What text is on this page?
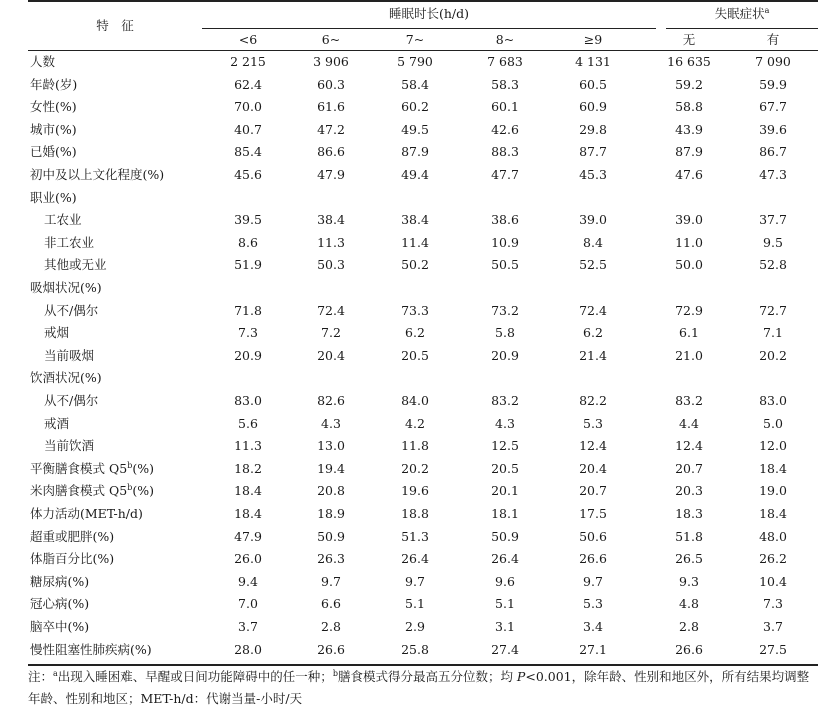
特　征
睡眠时长(h/d)	失眠症状$^a$
<6	6~	7~	8~	≥9	无	有
人数	2 215	3 906	5 790	7 683	4 131	16 635	7 090
年龄(岁)	62.4	60.3	58.4	58.3	60.5	59.2	59.9
女性(%)	70.0	61.6	60.2	60.1	60.9	58.8	67.7
城市(%)	40.7	47.2	49.5	42.6	29.8	43.9	39.6
已婚(%)	85.4	86.6	87.9	88.3	87.7	87.9	86.7
初中及以上文化程度(%)	45.6	47.9	49.4	47.7	45.3	47.6	47.3
职业(%)
工农业	39.5	38.4	38.4	38.6	39.0	39.0	37.7
非工农业	8.6	11.3	11.4	10.9	8.4	11.0	9.5
其他或无业	51.9	50.3	50.2	50.5	52.5	50.0	52.8
吸烟状况(%)
从不/偶尔	71.8	72.4	73.3	73.2	72.4	72.9	72.7
戒烟	7.3	7.2	6.2	5.8	6.2	6.1	7.1
当前吸烟	20.9	20.4	20.5	20.9	21.4	21.0	20.2
饮酒状况(%)
从不/偶尔	83.0	82.6	84.0	83.2	82.2	83.2	83.0
戒酒	5.6	4.3	4.2	4.3	5.3	4.4	5.0
当前饮酒	11.3	13.0	11.8	12.5	12.4	12.4	12.0
平衡膳食模式 Q5$^b$(%)	18.2	19.4	20.2	20.5	20.4	20.7	18.4
米肉膳食模式 Q5$^b$(%)	18.4	20.8	19.6	20.1	20.7	20.3	19.0
体力活动(MET-h/d)	18.4	18.9	18.8	18.1	17.5	18.3	18.4
超重或肥胖(%)	47.9	50.9	51.3	50.9	50.6	51.8	48.0
体脂百分比(%)	26.0	26.3	26.4	26.4	26.6	26.5	26.2
糖尿病(%)	9.4	9.7	9.7	9.6	9.7	9.3	10.4
冠心病(%)	7.0	6.6	5.1	5.1	5.3	4.8	7.3
脑卒中(%)	3.7	2.8	2.9	3.1	3.4	2.8	3.7
慢性阻塞性肺疾病(%)	28.0	26.6	25.8	27.4	27.1	26.6	27.5
注：$^a$出现入睡困难、早醒或日间功能障碍中的任一种；$^b$膳食模式得分最高五分位数；均 P<0.001，除年龄、性别和地区外，所有结果均调整
年龄、性别和地区；MET-h/d：代谢当量-小时/天
